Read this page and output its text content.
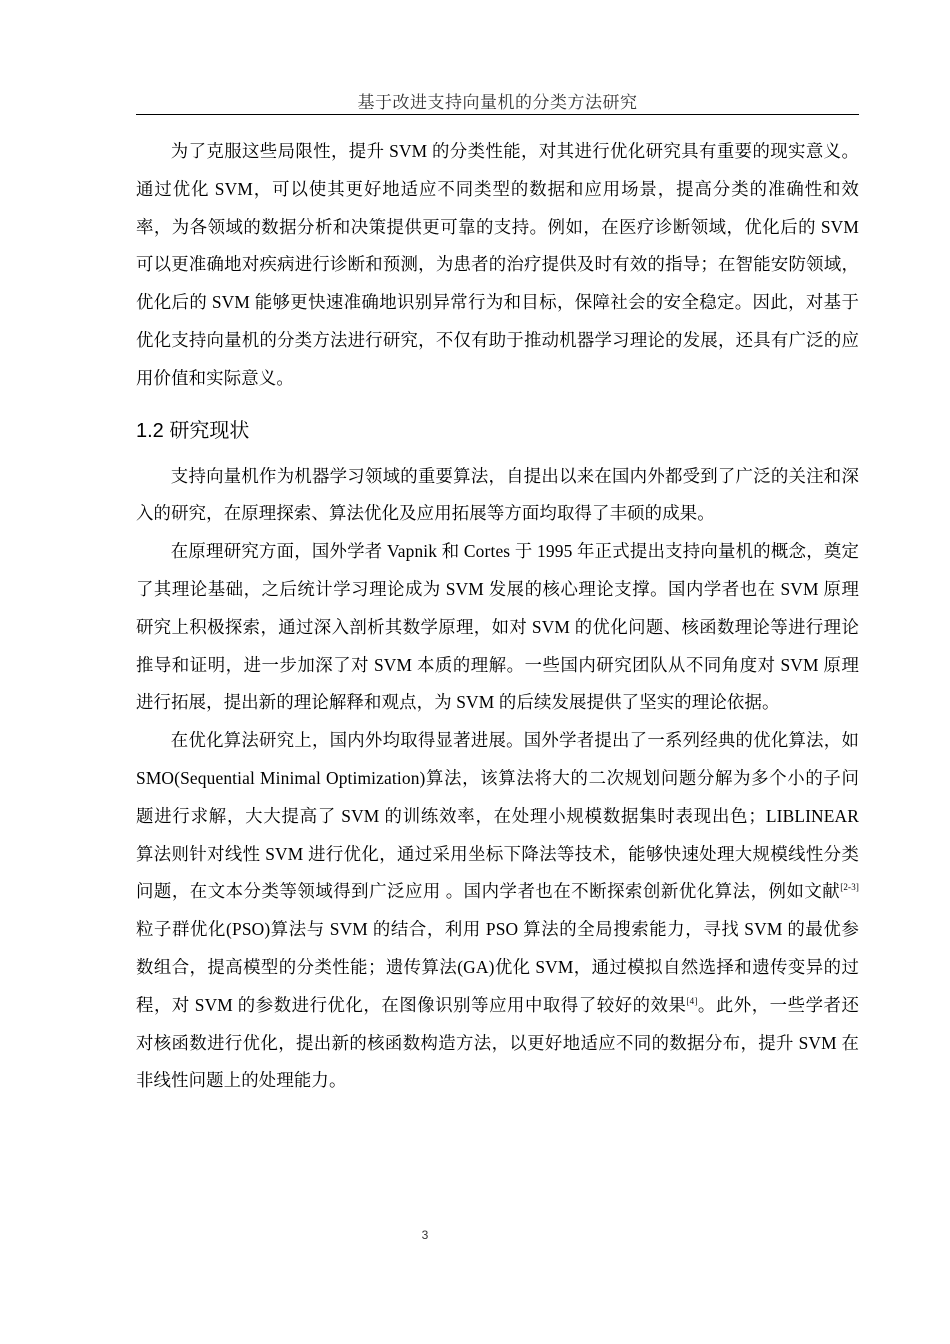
基于改进支持向量机的分类方法研究

为了克服这些局限性，提升 SVM 的分类性能，对其进行优化研究具有重要的现实意义。通过优化 SVM，可以使其更好地适应不同类型的数据和应用场景，提高分类的准确性和效率，为各领域的数据分析和决策提供更可靠的支持。例如，在医疗诊断领域，优化后的 SVM 可以更准确地对疾病进行诊断和预测，为患者的治疗提供及时有效的指导；在智能安防领域，优化后的 SVM 能够更快速准确地识别异常行为和目标，保障社会的安全稳定。因此，对基于优化支持向量机的分类方法进行研究，不仅有助于推动机器学习理论的发展，还具有广泛的应用价值和实际意义。

1.2 研究现状

支持向量机作为机器学习领域的重要算法，自提出以来在国内外都受到了广泛的关注和深入的研究，在原理探索、算法优化及应用拓展等方面均取得了丰硕的成果。

在原理研究方面，国外学者 Vapnik 和 Cortes 于 1995 年正式提出支持向量机的概念，奠定了其理论基础，之后统计学习理论成为 SVM 发展的核心理论支撑。国内学者也在 SVM 原理研究上积极探索，通过深入剖析其数学原理，如对 SVM 的优化问题、核函数理论等进行理论推导和证明，进一步加深了对 SVM 本质的理解。一些国内研究团队从不同角度对 SVM 原理进行拓展，提出新的理论解释和观点，为 SVM 的后续发展提供了坚实的理论依据。

在优化算法研究上，国内外均取得显著进展。国外学者提出了一系列经典的优化算法，如 SMO(Sequential Minimal Optimization)算法，该算法将大的二次规划问题分解为多个小的子问题进行求解，大大提高了 SVM 的训练效率，在处理小规模数据集时表现出色；LIBLINEAR 算法则针对线性 SVM 进行优化，通过采用坐标下降法等技术，能够快速处理大规模线性分类问题，在文本分类等领域得到广泛应用 。国内学者也在不断探索创新优化算法，例如文献[2-3]粒子群优化(PSO)算法与 SVM 的结合，利用 PSO 算法的全局搜索能力，寻找 SVM 的最优参数组合，提高模型的分类性能；遗传算法(GA)优化 SVM，通过模拟自然选择和遗传变异的过程，对 SVM 的参数进行优化，在图像识别等应用中取得了较好的效果[4]。此外，一些学者还对核函数进行优化，提出新的核函数构造方法，以更好地适应不同的数据分布，提升 SVM 在非线性问题上的处理能力。

3
